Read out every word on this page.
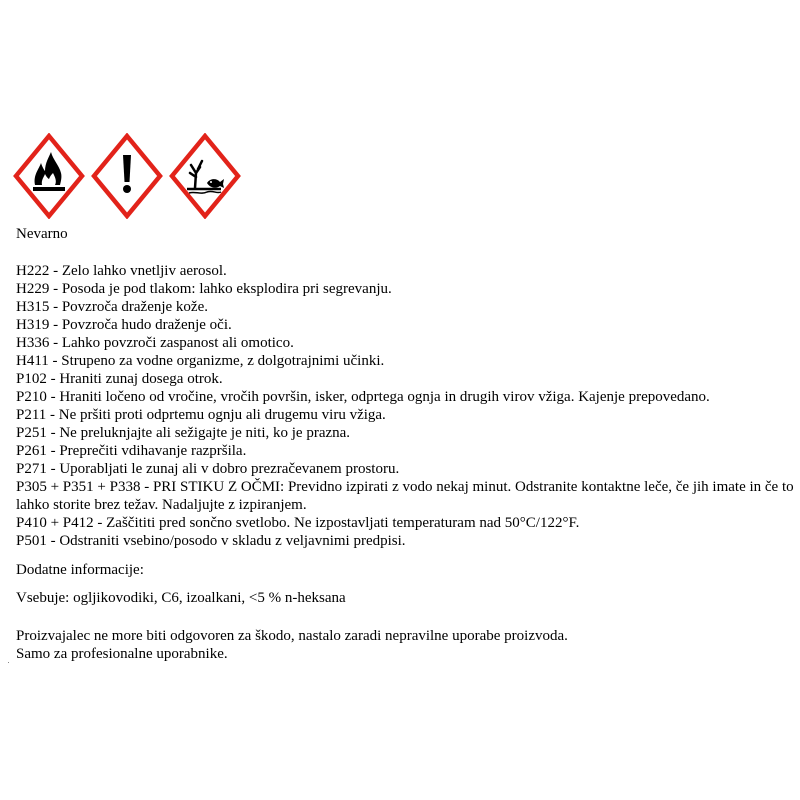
Nevarno
H222 - Zelo lahko vnetljiv aerosol.
H229 - Posoda je pod tlakom: lahko eksplodira pri segrevanju.
H315 - Povzroča draženje kože.
H319 - Povzroča hudo draženje oči.
H336 - Lahko povzroči zaspanost ali omotico.
H411 - Strupeno za vodne organizme, z dolgotrajnimi učinki.
P102 - Hraniti zunaj dosega otrok.
P210 - Hraniti ločeno od vročine, vročih površin, isker, odprtega ognja in drugih virov vžiga. Kajenje prepovedano.
P211 - Ne pršiti proti odprtemu ognju ali drugemu viru vžiga.
P251 - Ne preluknjajte ali sežigajte je niti, ko je prazna.
P261 - Preprečiti vdihavanje razpršila.
P271 - Uporabljati le zunaj ali v dobro prezračevanem prostoru.
P305 + P351 + P338 - PRI STIKU Z OČMI: Previdno izpirati z vodo nekaj minut. Odstranite kontaktne leče, če jih imate in če to lahko storite brez težav. Nadaljujte z izpiranjem.
P410 + P412 - Zaščititi pred sončno svetlobo. Ne izpostavljati temperaturam nad 50°C/122°F.
P501 - Odstraniti vsebino/posodo v skladu z veljavnimi predpisi.
Dodatne informacije:
Vsebuje: ogljikovodiki, C6, izoalkani, <5 % n-heksana
Proizvajalec ne more biti odgovoren za škodo, nastalo zaradi nepravilne uporabe proizvoda.
Samo za profesionalne uporabnike.
